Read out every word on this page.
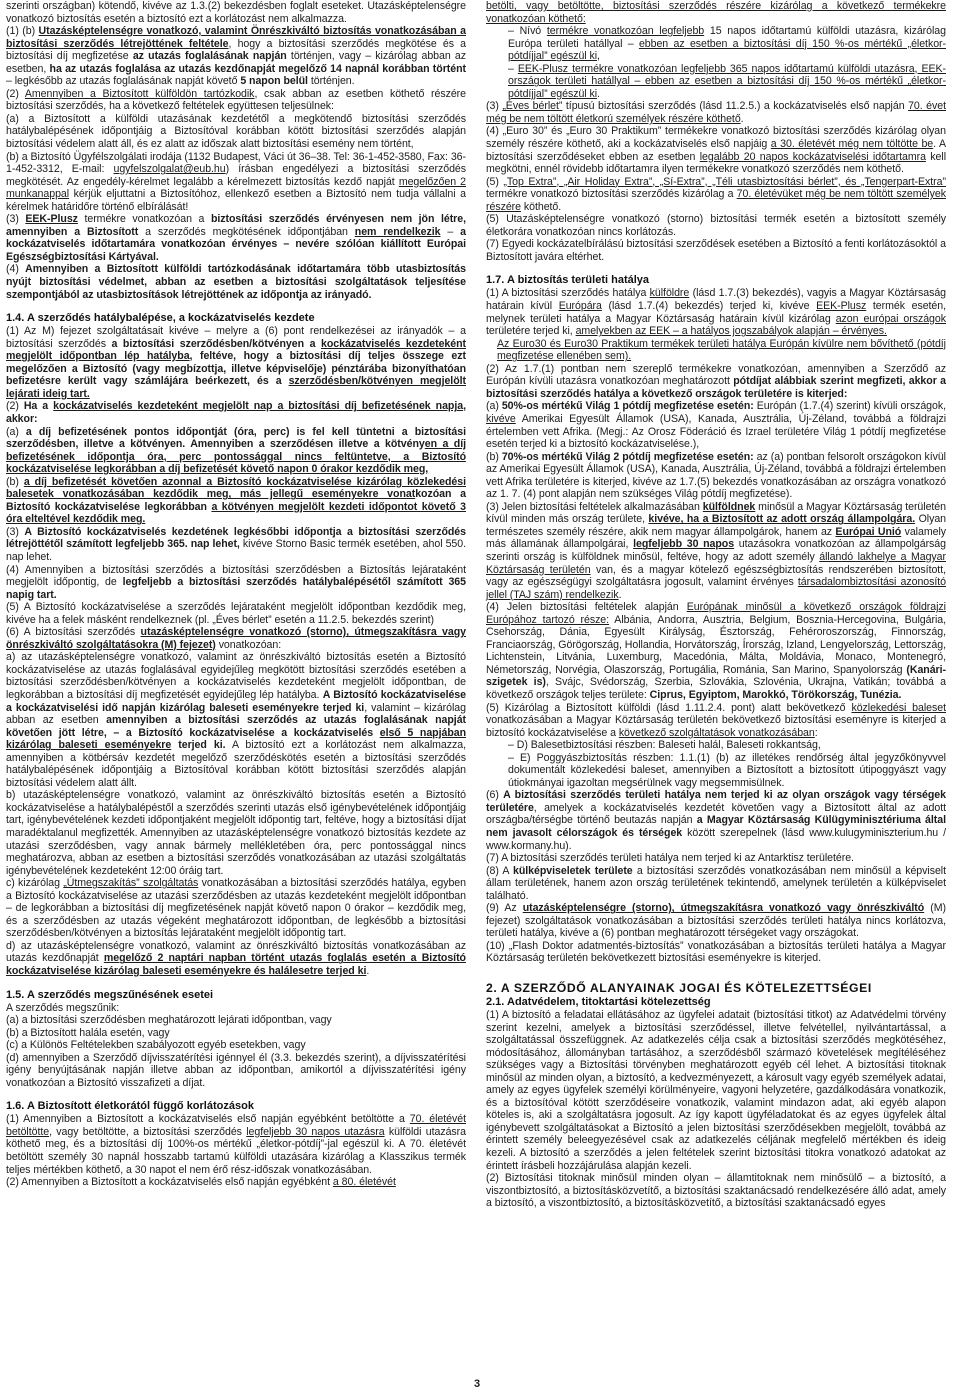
szerinti országban) kötendő, kivéve az 1.3.(2) bekezdésben foglalt eseteket. Utazásképtelenségre vonatkozó biztosítás esetén a biztosító ezt a korlátozást nem alkalmazza.

(1) (b) Utazásképtelenségre vonatkozó, valamint Önrészkiváltó biztosítás vonatkozásában a biztosítási szerződés létrejöttének feltétele, hogy a biztosítási szerződés megkötése és a biztosítási díj megfizetése az utazás foglalásának napján történjen, vagy – kizárólag abban az esetben, ha az utazás foglalása az utazás kezdőnapját megelőző 14 napnál korábban történt – legkésőbb az utazás foglalásának napját követő 5 napon belül történjen.

(2) Amennyiben a Biztosított külföldön tartózkodik, csak abban az esetben köthető részére biztosítási szerződés, ha a következő feltételek együttesen teljesülnek:

(a) a Biztosított a külföldi utazásának kezdetétől a megkötendő biztosítási szerződés hatálybalépésének időpontjáig a Biztosítóval korábban kötött biztosítási szerződés alapján biztosítási védelem alatt áll, és ez alatt az időszak alatt biztosítási esemény nem történt,

(b) a Biztosító Ügyfélszolgálati irodája (1132 Budapest, Váci út 36–38. Tel: 36-1-452-3580, Fax: 36-1-452-3312, E-mail: ugyfelszolgalat@eub.hu) írásban engedélyezi a biztosítási szerződés megkötését. Az engedély-kérelmet legalább a kérelmezett biztosítás kezdő napját megelőzően 2 munkanappal kérjük eljuttatni a Biztosítóhoz, ellenkező esetben a Biztosító nem tudja vállalni a kérelmek határidőre történő elbírálását!

(3) EEK-Plusz termékre vonatkozóan a biztosítási szerződés érvényesen nem jön létre, amennyiben a Biztosított a szerződés megkötésének időpontjában nem rendelkezik – a kockázatviselés időtartamára vonatkozóan érvényes – nevére szólóan kiállított Európai Egészségbiztosítási Kártyával.

(4) Amennyiben a Biztosított külföldi tartózkodásának időtartamára több utasbiztosítás nyújt biztosítási védelmet, abban az esetben a biztosítási szolgáltatások teljesítése szempontjából az utasbiztosítások létrejöttének az időpontja az irányadó.

1.4. A szerződés hatálybalépése, a kockázatviselés kezdete

(1) Az M) fejezet szolgáltatásait kivéve – melyre a (6) pont rendelkezései az irányadók – a biztosítási szerződés a biztosítási szerződésben/kötvényen a kockázatviselés kezdeteként megjelölt időpontban lép hatályba, feltéve, hogy a biztosítási díj teljes összege ezt megelőzően a Biztosító (vagy megbízottja, illetve képviselője) pénztárába bizonyíthatóan befizetésre került vagy számlájára beérkezett, és a szerződésben/kötvényen megjelölt lejárati ideig tart.

(2) Ha a kockázatviselés kezdeteként megjelölt nap a biztosítási díj befizetésének napja, akkor:

(a) a díj befizetésének pontos időpontját (óra, perc) is fel kell tüntetni a biztosítási szerződésben, illetve a kötvényen. Amennyiben a szerződésen illetve a kötvényen a díj befizetésének időpontja óra, perc pontossággal nincs feltüntetve, a Biztosító kockázatviselése legkorábban a díj befizetését követő napon 0 órakor kezdődik meg,

(b) a díj befizetését követően azonnal a Biztosító kockázatviselése kizárólag közlekedési balesetek vonatkozásában kezdődik meg, más jellegű eseményekre vonatkozóan a Biztosító kockázatviselése legkorábban a kötvényen megjelölt kezdeti időpontot követő 3 óra elteltével kezdődik meg.

(3) A Biztosító kockázatviselés kezdetének legkésőbbi időpontja a biztosítási szerződés létrejöttétől számított legfeljebb 365. nap lehet, kivéve Storno Basic termék esetében, ahol 550. nap lehet.

(4) Amennyiben a biztosítási szerződés a biztosítási szerződésben a Biztosítás lejárataként megjelölt időpontig, de legfeljebb a biztosítási szerződés hatálybalépésétől számított 365 napig tart.

(5) A Biztosító kockázatviselése a szerződés lejárataként megjelölt időpontban kezdődik meg, kivéve ha a felek másként rendelkeznek (pl. „Éves bérlet” esetén a 11.2.5. bekezdés szerint)

(6) A biztosítási szerződés utazásképtelenségre vonatkozó (storno), útmegszakításra vagy önrészkiváltó szolgáltatásokra (M) fejezet) vonatkozóan:

a) az utazásképtelenségre vonatkozó, valamint az önrészkiváltó biztosítás esetén a Biztosító kockázatviselése az utazás foglalásával egyidejűleg megkötött biztosítási szerződés esetében a biztosítási szerződésben/kötvényen a kockázatviselés kezdeteként megjelölt időpontban, de legkorábban a biztosítási díj megfizetését egyidejűleg lép hatályba. A Biztosító kockázatviselése a kockázatviselési idő napján kizárólag baleseti eseményekre terjed ki, valamint – kizárólag abban az esetben amennyiben a biztosítási szerződés az utazás foglalásának napját követően jött létre, – a Biztosító kockázatviselése a kockázatviselés első 5 napjában kizárólag baleseti eseményekre terjed ki. A biztosító ezt a korlátozást nem alkalmazza, amennyiben a kötbérsáv kezdetét megelőző szerződéskötés esetén a biztosítási szerződés hatálybalépésének időpontjáig a Biztosítóval korábban kötött biztosítási szerződés alapján biztosítási védelem alatt állt.

b) utazásképtelenségre vonatkozó, valamint az önrészkiváltó biztosítás esetén a Biztosító kockázatviselése a hatálybalépéstől a szerződés szerinti utazás első igénybevételének időpontjáig tart, igénybevételének kezdeti időpontjaként megjelölt időpontig tart, feltéve, hogy a biztosítási díjat maradéktalanul megfizették. Amennyiben az utazásképtelenségre vonatkozó biztosítás kezdete az utazási szerződésben, vagy annak bármely mellékletében óra, perc pontossággal nincs meghatározva, abban az esetben a biztosítási szerződés vonatkozásában az utazási szolgáltatás igénybevételének kezdeteként 12:00 óráig tart.

c) kizárólag „Útmegszakítás” szolgáltatás vonatkozásában a biztosítási szerződés hatálya, egyben a Biztosító kockázatviselése az utazási szerződésben az utazás kezdeteként megjelölt időpontban – de legkorábban a biztosítási díj megfizetésének napját követő napon 0 órakor – kezdődik meg, és a szerződésben az utazás végeként meghatározott időpontban, de legkésőbb a biztosítási szerződésben/kötvényen a biztosítás lejárataként megjelölt időpontig tart.

d) az utazásképtelenségre vonatkozó, valamint az önrészkiváltó biztosítás vonatkozásában az utazás kezdőnapját megelőző 2 naptári napban történt utazás foglalás esetén a Biztosító kockázatviselése kizárólag baleseti eseményekre és halálesetre terjed ki.

1.5. A szerződés megszűnésének esetei

A szerződés megszűnik:

(a) a biztosítási szerződésben meghatározott lejárati időpontban, vagy

(b) a Biztosított halála esetén, vagy

(c) a Különös Feltételekben szabályozott egyéb esetekben, vagy

(d) amennyiben a Szerződő díjvisszatérítési igénnyel él (3.3. bekezdés szerint), a díjvisszatérítési igény benyújtásának napján illetve abban az időpontban, amikortól a díjvisszatérítési igény vonatkozóan a Biztosító visszafizeti a díjat.

1.6. A Biztosított életkorától függő korlátozások

(1) Amennyiben a Biztosított a kockázatviselés első napján egyébként betöltötte a 70. életévét betöltötte, vagy betöltötte, a biztosítási szerződés legfeljebb 30 napos utazásra külföldi utazásra köthető meg, és a biztosítási díj 100%-os mértékű „életkor-pótdíj”-jal egészül ki. A 70. életévét betöltött személy 30 napnál hosszabb tartamú külföldi utazására kizárólag a Klasszikus termék teljes mértékben köthető, a 30 napot el nem érő rész-időszak vonatkozásában.

(2) Amennyiben a Biztosított a kockázatviselés első napján egyébként a 80. életévét

betölti, vagy betöltötte, biztosítási szerződés részére kizárólag a következő termékekre vonatkozóan köthető:

– Nívó termékre vonatkozóan legfeljebb 15 napos időtartamú külföldi utazásra, kizárólag Európa területi hatállyal – ebben az esetben a biztosítási díj 150 %-os mértékű „életkor-pótdíjjal” egészül ki,

– EEK-Plusz termékre vonatkozóan legfeljebb 365 napos időtartamú külföldi utazásra, EEK-országok területi hatállyal – ebben az esetben a biztosítási díj 150 %-os mértékű „életkor-pótdíjjal” egészül ki.

(3) „Éves bérlet” típusú biztosítási szerződés (lásd 11.2.5.) a kockázatviselés első napján 70. évet még be nem töltött életkorú személyek részére köthető.

(4) „Euro 30” és „Euro 30 Praktikum” termékekre vonatkozó biztosítási szerződés kizárólag olyan személy részére köthető, aki a kockázatviselés első napjáig a 30. életévét még nem töltötte be. A biztosítási szerződéseket ebben az esetben legalább 20 napos kockázatviselési időtartamra kell megkötni, ennél rövidebb időtartamra ilyen termékekre vonatkozó szerződés nem köthető.

(5) „Top Extra”, „Air Holiday Extra”, „Sí-Extra”, „Téli utasbiztosítási bérlet”, és „Tengerpart-Extra” termékre vonatkozó biztosítási szerződés kizárólag a 70. életévüket még be nem töltött személyek részére köthető.

(5) Utazásképtelenségre vonatkozó (storno) biztosítási termék esetén a biztosított személy életkorára vonatkozóan nincs korlátozás.

(7) Egyedi kockázatelbírálású biztosítási szerződések esetében a Biztosító a fenti korlátozásoktól a Biztosított javára eltérhet.

1.7. A biztosítás területi hatálya

(1) A biztosítási szerződés hatálya külföldre (lásd 1.7.(3) bekezdés), vagyis a Magyar Köztársaság határain kívül Európára (lásd 1.7.(4) bekezdés) terjed ki, kivéve EEK-Plusz termék esetén, melynek területi hatálya a Magyar Köztársaság határain kívül kizárólag azon európai országok területére terjed ki, amelyekben az EEK – a hatályos jogszabályok alapján – érvényes.

Az Euro30 és Euro30 Praktikum termékek területi hatálya Európán kívülre nem bővíthető (pótdíj megfizetése ellenében sem).

(2) Az 1.7.(1) pontban nem szereplő termékekre vonatkozóan, amennyiben a Szerződő az Európán kívüli utazásra vonatkozóan meghatározott pótdíjat alábbiak szerint megfizeti, akkor a biztosítási szerződés hatálya a következő országok területére is kiterjed:

(a) 50%-os mértékű Világ 1 pótdíj megfizetése esetén: Európán (1.7.(4) szerint) kívüli országok, kivéve Amerikai Egyesült Államok (USA), Kanada, Ausztrália, Új-Zéland, továbbá a földrajzi értelemben vett Afrika. (Megj.: Az Orosz Föderáció és Izrael területére Világ 1 pótdíj megfizetése esetén terjed ki a biztosító kockázatviselése.),

(b) 70%-os mértékű Világ 2 pótdíj megfizetése esetén: az (a) pontban felsorolt országokon kívül az Amerikai Egyesült Államok (USA), Kanada, Ausztrália, Új-Zéland, továbbá a földrajzi értelemben vett Afrika területére is kiterjed, kivéve az 1.7.(5) bekezdés vonatkozásában az országra vonatkozó az 1. 7. (4) pont alapján nem szükséges Világ pótdíj megfizetése).

(3) Jelen biztosítási feltételek alkalmazásában külföldnek minősül a Magyar Köztársaság területén kívül minden más ország területe, kivéve, ha a Biztosított az adott ország állampolgára. Olyan természetes személy részére, akik nem magyar állampolgárok, hanem az Európai Unió valamely más államának állampolgárai, legfeljebb 30 napos utazásokra vonatkozóan az állampolgárság szerinti ország is külföldnek minősül, feltéve, hogy az adott személy állandó lakhelye a Magyar Köztársaság területén van, és a magyar kötelező egészségbiztosítás rendszerében biztosított, vagy az egészségügyi szolgáltatásra jogosult, valamint érvényes társadalombiztosítási azonosító jellel (TAJ szám) rendelkezik.

(4) Jelen biztosítási feltételek alapján Európának minősül a következő országok földrajzi Európához tartozó része: Albánia, Andorra, Ausztria, Belgium, Bosznia-Hercegovina, Bulgária, Csehország, Dánia, Egyesült Királyság, Észtország, Fehéroroszország, Finnország, Franciaország, Görögország, Hollandia, Horvátország, Írország, Izland, Lengyelország, Lettország, Lichtenstein, Litvánia, Luxemburg, Macedónia, Málta, Moldávia, Monaco, Montenegró, Németország, Norvégia, Olaszország, Portugália, Románia, San Marino, Spanyolország (Kanári-szigetek is), Svájc, Svédország, Szerbia, Szlovákia, Szlovénia, Ukrajna, Vatikán; továbbá a következő országok teljes területe: Ciprus, Egyiptom, Marokkó, Törökország, Tunézia.

(5) Kizárólag a Biztosított külföldi (lásd 1.11.2.4. pont) alatt bekövetkező közlekedési baleset vonatkozásában a Magyar Köztársaság területén bekövetkező biztosítási eseményre is kiterjed a biztosító kockázatviselése a következő szolgáltatások vonatkozásában:

– D) Balesetbiztosítási részben: Baleseti halál, Baleseti rokkantság,

– E) Poggyászbiztosítás részben: 1.1.(1) (b) az illetékes rendőrség által jegyzőkönyvvel dokumentált közlekedési baleset, amennyiben a Biztosított a biztosított útipoggyászt vagy útiokmányai igazoltan megsérülnek vagy megsemmisülnek.

(6) A biztosítási szerződés területi hatálya nem terjed ki az olyan országok vagy térségek területére, amelyek a kockázatviselés kezdetét követően vagy a Biztosított által az adott országba/térségbe történő beutazás napján a Magyar Köztársaság Külügyminisztériuma által nem javasolt célországok és térségek között szerepelnek (lásd www.kulugyminiszterium.hu / www.kormany.hu).

(7) A biztosítási szerződés területi hatálya nem terjed ki az Antarktisz területére.

(8) A külképviseletek területe a biztosítási szerződés vonatkozásában nem minősül a képviselt állam területének, hanem azon ország területének tekintendő, amelynek területén a külképviselet található.

(9) Az utazásképtelenségre (storno), útmegszakításra vonatkozó vagy önrészkiváltó (M) fejezet) szolgáltatások vonatkozásában a biztosítási szerződés területi hatálya nincs korlátozva, területi hatálya, kivéve a (6) pontban meghatározott térségeket vagy országokat.

(10) „Flash Doktor adatmentés-biztosítás” vonatkozásában a biztosítás területi hatálya a Magyar Köztársaság területén bekövetkezett biztosítási eseményekre is kiterjed.

2. A SZERZŐDŐ ALANYAINAK JOGAI ÉS KÖTELEZETTSÉGEI
2.1. Adatvédelem, titoktartási kötelezettség

(1) A biztosító a feladatai ellátásához az ügyfelei adatait (biztosítási titkot) az Adatvédelmi törvény szerint kezelni, amelyek a biztosítási szerződéssel, illetve felvétellel, nyilvántartással, a szolgáltatással összefüggnek. Az adatkezelés célja csak a biztosítási szerződés megkötéséhez, módosításához, állományban tartásához, a szerződésből származó követelések megítéléséhez szükséges vagy a Biztosítási törvényben meghatározott egyéb cél lehet. A biztosítási titoknak minősül az minden olyan, a biztosító, a kedvezményezett, a károsult vagy egyéb személyek adatai, amely az egyes ügyfelek személyi körülményeire, vagyoni helyzetére, gazdálkodására vonatkozik, és a biztosítóval kötött szerződéseire vonatkozik, valamint mindazon adat, aki egyéb alapon köteles is, aki a szolgáltatásra jogosult. Az így kapott ügyféladatokat és az egyes ügyfelek által igénybevett szolgáltatásokat a Biztosító a jelen biztosítási szerződésekben megjelölt, továbbá az érintett személy beleegyezésével csak az adatkezelés céljának megfelelő mértékben és ideig kezeli. A biztosító a szerződés a jelen feltételek szerint biztosítási titokra vonatkozó adatokat az érintett írásbeli hozzájárulása alapján kezeli.

(2) Biztosítási titoknak minősül minden olyan – államtitoknak nem minősülő – a biztosító, a viszontbiztosító, a biztosításközvetítő, a biztosítási szaktanácsadó rendelkezésére álló adat, amely a biztosító, a viszontbiztosító, a biztosításközvetítő, a biztosítási szaktanácsadó egyes

3
